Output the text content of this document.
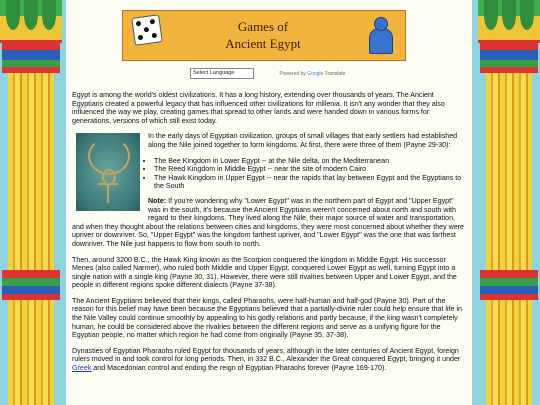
Games of
Ancient Egypt
Select Language	Powered by Google Translate

Egypt is among the world's oldest civilizations. It has a long history, extending over thousands of years. The Ancient Egyptians created a powerful legacy that has influenced other civilizations for millenia. It isn't any wonder that they also influenced the way we play, creating games that spread to other lands and were handed down in various forms for generations, versions of which still exist today.

In the early days of Egyptian civilization, groups of small villages that early settlers had established along the Nile joined together to form kingdoms. At first, there were three of them (Payne 29-30):

• The Bee Kingdom in Lower Egypt -- at the Nile delta, on the Mediterranean
• The Reed Kingdom in Middle Egypt -- near the site of modern Cairo
• The Hawk Kingdom in Upper Egypt -- near the rapids that lay between Egypt and the Egyptians to the South

Note: If you're wondering why "Lower Egypt" was in the northern part of Egypt and "Upper Egypt" was in the south, it's because the Ancient Egyptians weren't concerned about north and south with regard to their kingdoms. They lived along the Nile, their major source of water and transportation, and when they thought about the relations between cities and kingdoms, they were most concerned about whether they were upriver or downriver. So, "Upper Egypt" was the kingdom farthest upriver, and "Lower Egypt" was the one that was farthest downriver. The Nile just happens to flow from south to north.

Then, around 3200 B.C., the Hawk King known as the Scorpion conquered the kingdom in Middle Egypt. His successor Menes (also called Narmer), who ruled both Middle and Upper Egypt, conquered Lower Egypt as well, turning Egypt into a single nation with a single king (Payne 30, 31). However, there were still rivalries between Upper and Lower Egypt, and the people in different regions spoke different dialects (Payne 37-38).

The Ancient Egyptians believed that their kings, called Pharaohs, were half-human and half-god (Payne 30). Part of the reason for this belief may have been because the Egyptians believed that a partially-divine ruler could help ensure that life in the Nile Valley could continue smoothly by appealing to his godly relations and partly because, if the king wasn't completely human, he could be considered above the rivalries between the different regions and serve as a unifying figure for the Egyptian people, no matter which region he had come from originally (Payne 35, 37-38).

Dynasties of Egyptian Pharaohs ruled Egypt for thousands of years, although in the later centuries of Ancient Egypt, foreign rulers moved in and took control for long periods. Then, in 332 B.C., Alexander the Great conquered Egypt, bringing it under Greek and Macedonian control and ending the reign of Egyptian Pharaohs forever (Payne 169-170).
